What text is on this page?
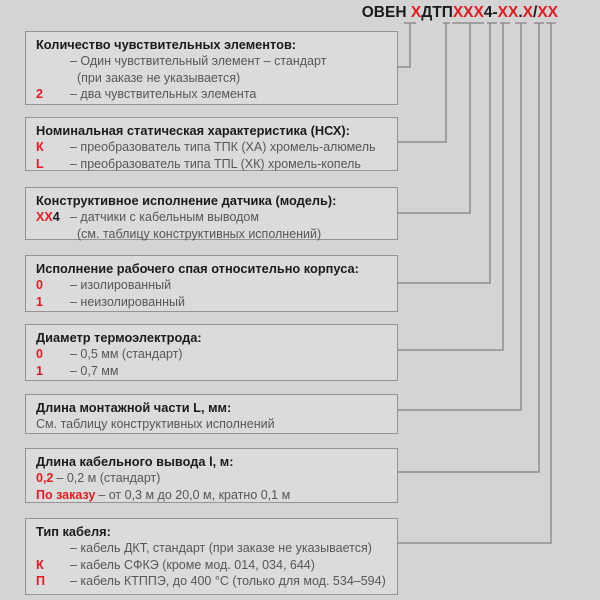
ОВЕН ХДТПХХХ4-ХХ.Х/ХХ
Количество чувствительных элементов:
– Один чувствительный элемент – стандарт
(при заказе не указывается)
2 – два чувствительных элемента
Номинальная статическая характеристика (НСХ):
К – преобразователь типа ТПК (ХА) хромель-алюмель
L – преобразователь типа ТПL (ХК) хромель-копель
Конструктивное исполнение датчика (модель):
ХХ4 – датчики с кабельным выводом
(см. таблицу конструктивных исполнений)
Исполнение рабочего спая относительно корпуса:
0 – изолированный
1 – неизолированный
Диаметр термоэлектрода:
0 – 0,5 мм (стандарт)
1 – 0,7 мм
Длина монтажной части L, мм:
См. таблицу конструктивных исполнений
Длина кабельного вывода l, м:
0,2 – 0,2 м (стандарт)
По заказу – от 0,3 м до 20,0 м, кратно 0,1 м
Тип кабеля:
– кабель ДКТ, стандарт (при заказе не указывается)
К – кабель СФКЭ (кроме мод. 014, 034, 644)
П – кабель КТППЭ, до 400 °С (только для мод. 534–594)
